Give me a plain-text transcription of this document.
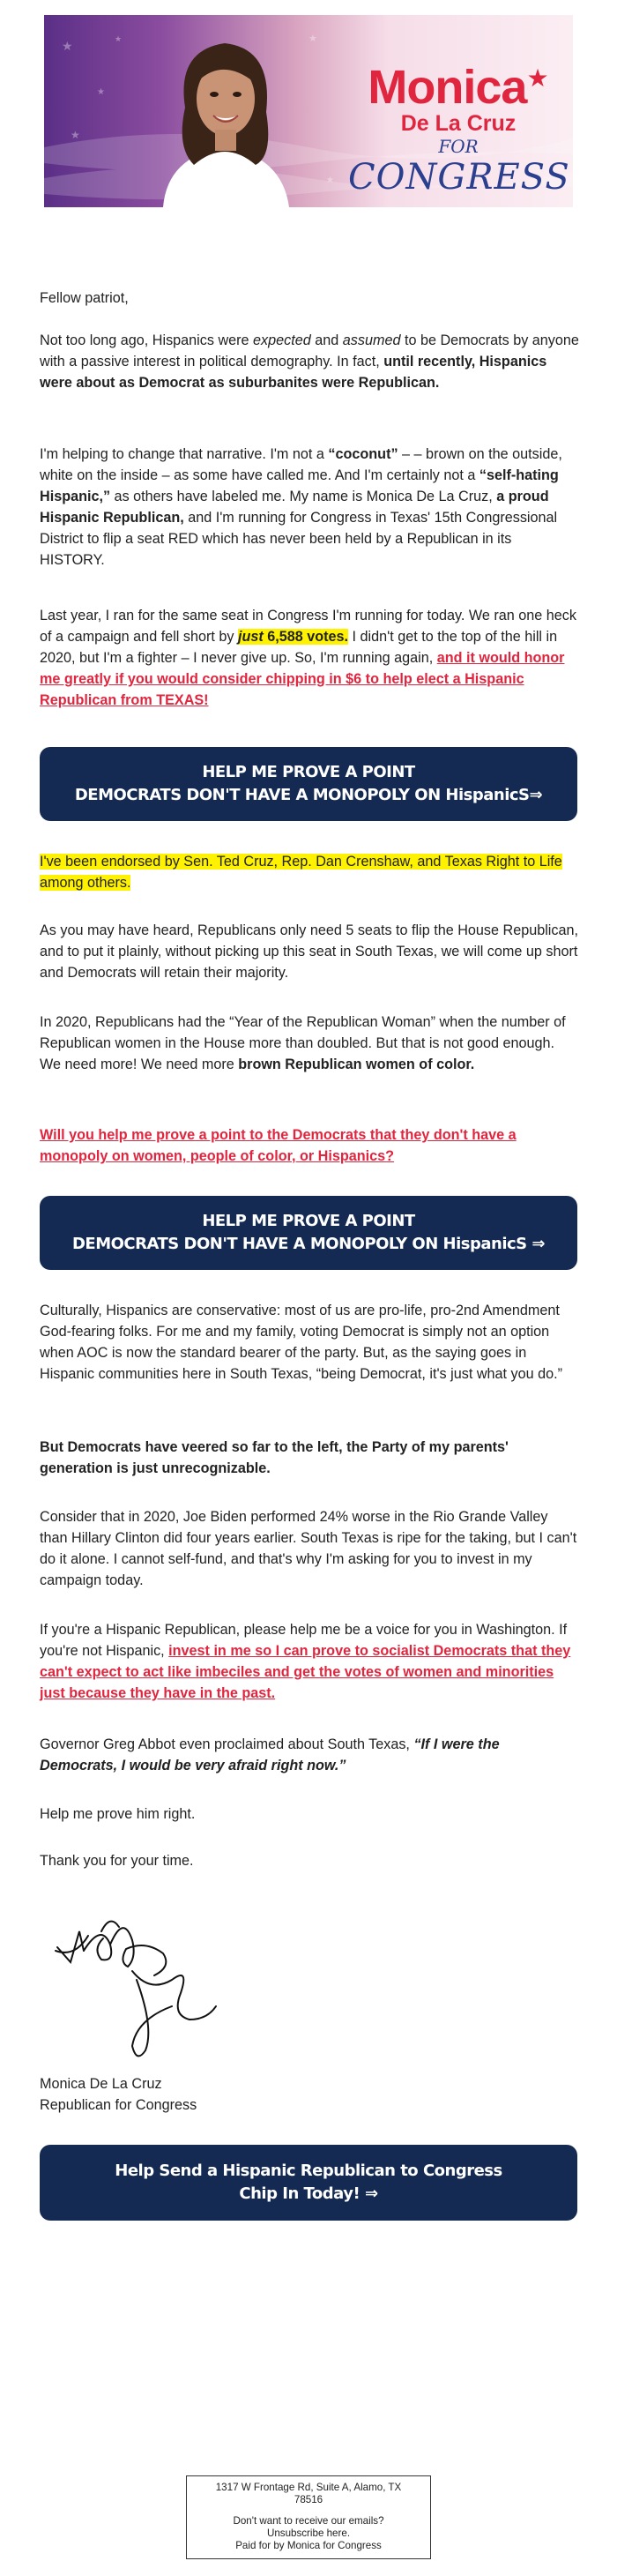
★
★
★
★	★
★
Monica★
De La Cruz
FOR CONGRESS

Fellow patriot,

Not too long ago, Hispanics were expected and assumed to be Democrats by anyone with a passive interest in political demography. In fact, until recently, Hispanics were about as Democrat as suburbanites were Republican.

I'm helping to change that narrative. I'm not a “coconut” – – brown on the outside, white on the inside – as some have called me. And I'm certainly not a “self-hating Hispanic,” as others have labeled me. My name is Monica De La Cruz, a proud Hispanic Republican, and I'm running for Congress in Texas' 15th Congressional District to flip a seat RED which has never been held by a Republican in its HISTORY.

Last year, I ran for the same seat in Congress I'm running for today. We ran one heck of a campaign and fell short by just 6,588 votes. I didn't get to the top of the hill in 2020, but I'm a fighter – I never give up. So, I'm running again, and it would honor me greatly if you would consider chipping in $6 to help elect a Hispanic Republican from TEXAS!

HELP ME PROVE A POINT
DEMOCRATS DON'T HAVE A MONOPOLY ON HispanicS⇒

I've been endorsed by Sen. Ted Cruz, Rep. Dan Crenshaw, and Texas Right to Life among others.

As you may have heard, Republicans only need 5 seats to flip the House Republican, and to put it plainly, without picking up this seat in South Texas, we will come up short and Democrats will retain their majority.

In 2020, Republicans had the “Year of the Republican Woman” when the number of Republican women in the House more than doubled. But that is not good enough. We need more! We need more brown Republican women of color.

Will you help me prove a point to the Democrats that they don't have a monopoly on women, people of color, or Hispanics?

HELP ME PROVE A POINT
DEMOCRATS DON'T HAVE A MONOPOLY ON HispanicS ⇒

Culturally, Hispanics are conservative: most of us are pro-life, pro-2nd Amendment God-fearing folks. For me and my family, voting Democrat is simply not an option when AOC is now the standard bearer of the party. But, as the saying goes in Hispanic communities here in South Texas, “being Democrat, it's just what you do.”

But Democrats have veered so far to the left, the Party of my parents' generation is just unrecognizable.

Consider that in 2020, Joe Biden performed 24% worse in the Rio Grande Valley than Hillary Clinton did four years earlier. South Texas is ripe for the taking, but I can't do it alone. I cannot self-fund, and that's why I'm asking for you to invest in my campaign today.

If you're a Hispanic Republican, please help me be a voice for you in Washington. If you're not Hispanic, invest in me so I can prove to socialist Democrats that they can't expect to act like imbeciles and get the votes of women and minorities just because they have in the past.

Governor Greg Abbot even proclaimed about South Texas, “If I were the Democrats, I would be very afraid right now.”

Help me prove him right.

Thank you for your time.

Monica De La Cruz

Republican for Congress

Help Send a Hispanic Republican to Congress
Chip In Today! ⇒
1317 W Frontage Rd, Suite A, Alamo, TX 78516
Don't want to receive our emails?
Unsubscribe here.
Paid for by Monica for Congress
